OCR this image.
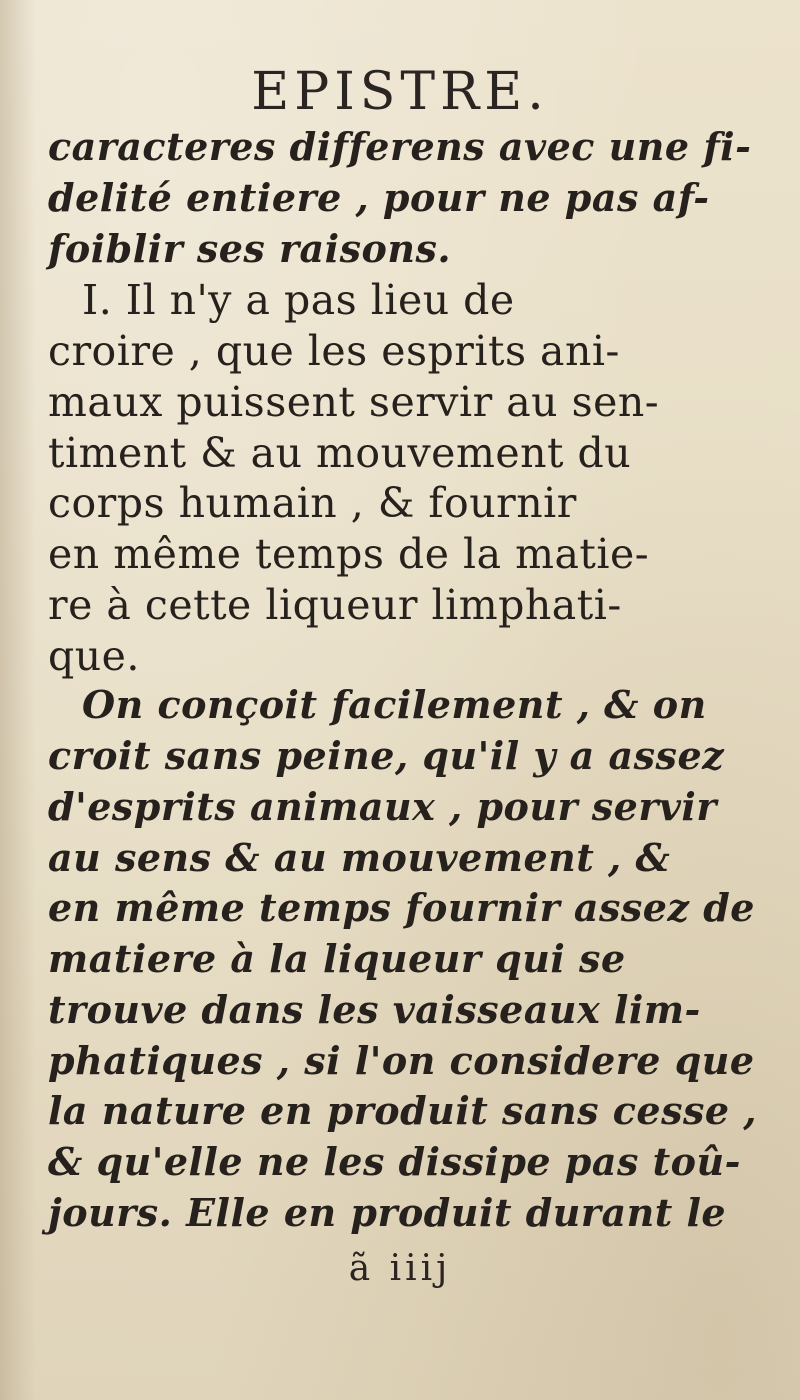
EPISTRE.
caracteres differens avec une fi-
delité entiere , pour ne pas af-
foiblir ses raisons.
I. Il n'y a pas lieu de
croire , que les esprits ani-
maux puissent servir au sen-
timent & au mouvement du
corps humain , & fournir
en même temps de la matie-
re à cette liqueur limphati-
que.
On conçoit facilement , & on
croit sans peine, qu'il y a assez
d'esprits animaux , pour servir
au sens & au mouvement , &
en même temps fournir assez de
matiere à la liqueur qui se
trouve dans les vaisseaux lim-
phatiques , si l'on considere que
la nature en produit sans cesse ,
& qu'elle ne les dissipe pas toû-
jours. Elle en produit durant le
ã iiij
